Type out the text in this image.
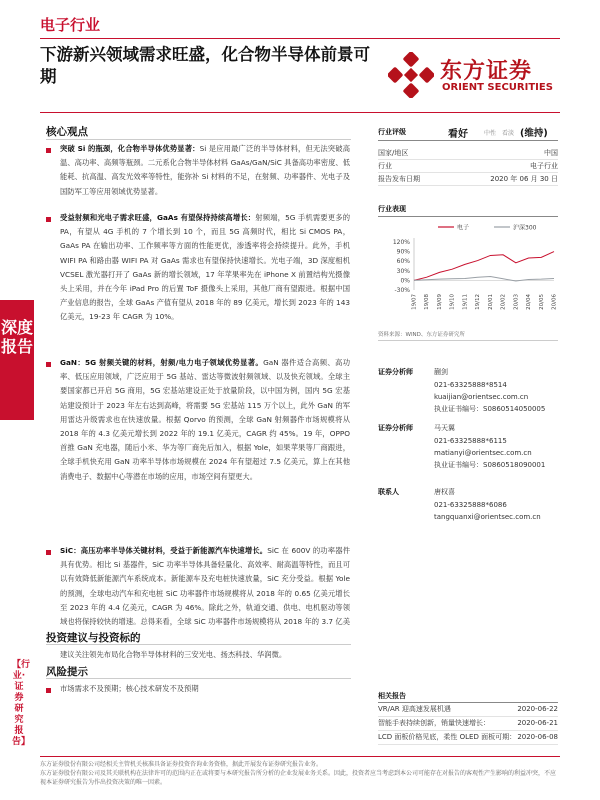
电子行业
下游新兴领域需求旺盛，化合物半导体前景可期	东方证券
ORIENT SECURITIES
深度报告
【行业·证券研究报告】
核心观点
突破 Si 的瓶颈，化合物半导体优势显著：Si 是应用最广泛的半导体材料，但无法突破高温、高功率、高频等瓶颈。二元系化合物半导体材料 GaAs/GaN/SiC 具备高功率密度、低能耗、抗高温、高发光效率等特性，能弥补 Si 材料的不足，在射频、功率器件、光电子及国防军工等应用领域优势显著。
受益射频和光电子需求旺盛，GaAs 有望保持持续高增长：射频端，5G 手机需要更多的 PA，有望从 4G 手机的 7 个增长到 10 个，而且 5G 高频时代，相比 Si CMOS PA，GaAs PA 在输出功率、工作频率等方面的性能更优，渗透率将会持续提升。此外，手机 WIFI PA 和路由器 WIFI PA 对 GaAs 需求也有望保持快速增长。光电子端，3D 深度相机 VCSEL 激光器打开了 GaAs 新的增长领域，17 年苹果率先在 iPhone X 前置结构光摄像头上采用，并在今年 iPad Pro 的后置 ToF 摄像头上采用，其他厂商有望跟进。根据中国产业信息的报告，全球 GaAs 产值有望从 2018 年的 89 亿美元，增长到 2023 年的 143 亿美元，19-23 年 CAGR 为 10%。
GaN：5G 射频关键的材料，射频/电力电子领域优势显著。GaN 器件适合高频、高功率、低压应用领域，广泛应用于 5G 基站、雷达等微波射频领域、以及快充领域。全球主要国家都已开启 5G 商用，5G 宏基站建设正处于放量阶段，以中国为例，国内 5G 宏基站建设预计于 2023 年左右达到高峰，将需要 5G 宏基站 115 万个以上，此外 GaN 的军用雷达升级需求也在快速放量。根据 Qorvo 的预测，全球 GaN 射频器件市场规模将从 2018 年的 4.3 亿美元增长到 2022 年的 19.1 亿美元，CAGR 约 45%。19 年，OPPO 首推 GaN 充电器，随后小米、华为等厂商先后加入，根据 Yole，如果苹果等厂商跟进，全球手机快充用 GaN 功率半导体市场规模在 2024 年有望超过 7.5 亿美元，算上在其他消费电子、数据中心等潜在市场的应用，市场空间有望更大。
SiC：高压功率半导体关键材料，受益于新能源汽车快速增长。SiC 在 600V 的功率器件具有优势。相比 Si 基器件，SiC 功率半导体具备轻量化、高效率、耐高温等特性，而且可以有效降低新能源汽车系统成本。新能源车及充电桩快速放量，SiC 充分受益。根据 Yole 的预测，全球电动汽车和充电桩 SiC 功率器件市场规模将从 2018 年的 0.65 亿美元增长至 2023 年的 4.4 亿美元，CAGR 为 46%。除此之外，轨道交通、供电、电机驱动等领域也将保持较快的增速。总得来看，全球 SiC 功率器件市场规模将从 2018 年的 3.7 亿美
投资建议与投资标的
建议关注领先布局化合物半导体材料的三安光电、扬杰科技、华润微。
风险提示
市场需求不及预期；核心技术研发不及预期
行业评级	看好	中性 看淡 (维持)
国家/地区	中国
行业	电子行业
报告发布日期	2020 年 06 月 30 日
行业表现
电子	沪深300
120%
90%
60%
30%
0%
-30%
19/07 19/08 19/09 19/10 19/11 19/12 20/01 20/02 20/03 20/04 20/05 20/06
资料来源：WIND、东方证券研究所
证券分析师	蒯剑
021-63325888*8514
kuaijian@orientsec.com.cn
执业证书编号：S0860514050005
证券分析师	马天翼
021-63325888*6115
matianyi@orientsec.com.cn
执业证书编号：S0860518090001
联系人	唐权喜
021-63325888*6086
tangquanxi@orientsec.com.cn
相关报告
VR/AR 迎高速发展机遇	2020-06-22
智能手表持续创新，销量快速增长：	2020-06-21
LCD 面板价格见底，柔性 OLED 面板可期： 2020-06-08
东方证券股份有限公司经相关主管机关核准具备证券投资咨询业务资格，据此开展发布证券研究报告业务。
东方证券股份有限公司及其关联机构在法律许可的范围内正在或将要与本研究报告所分析的企业发展业务关系。因此，投资者应当考虑到本公司可能存在对报告的客观性产生影响的利益冲突，不应视本证券研究报告为作出投资决策的唯一因素。
